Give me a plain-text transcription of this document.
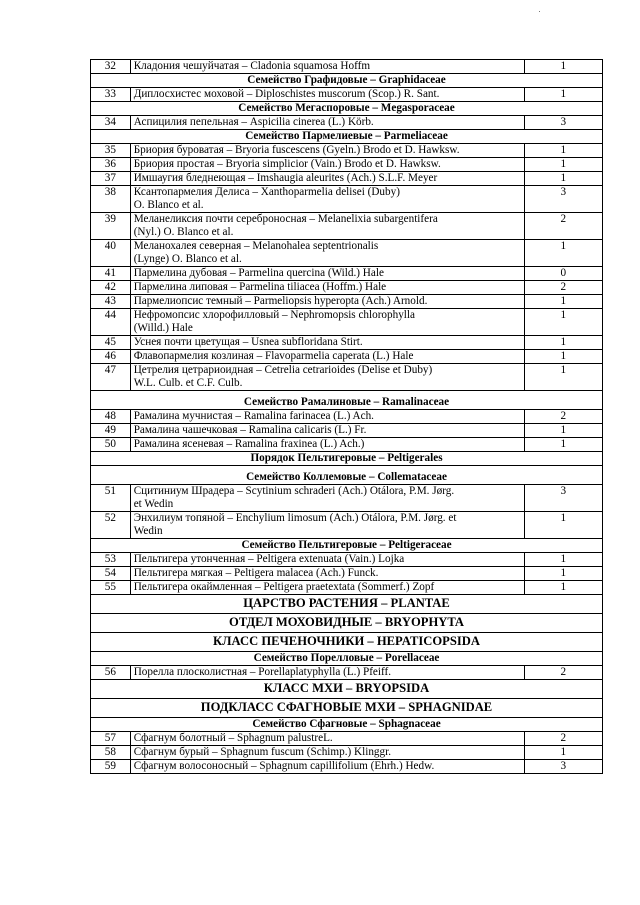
32	Кладония чешуйчатая – Cladonia squamosa Hoffm	1
Семейство Графидовые – Graphidaceae		
33	Диплосхистес моховой – Diploschistes muscorum (Scop.) R. Sant.	1
Семейство Мегаспоровые – Megasporaceae		
34	Аспицилия пепельная – Aspicilia cinerea (L.) Körb.	3
Семейство Пармелиевые – Parmeliaceae		
35	Бриория буроватая – Bryoria fuscescens (Gyeln.) Brodo et D. Hawksw.	1
36	Бриория простая – Bryoria simplicior (Vain.) Brodo et D. Hawksw.	1
37	Имшаугия бледнеющая – Imshaugia aleurites (Ach.) S.L.F. Meyer	1
38	Ксантопармелия Делиса – Xanthoparmelia delisei (Duby)
O. Blanco et al.	3
39	Меланеликсия почти сереброносная – Melanelixia subargentifera
(Nyl.) O. Blanco et al.	2
40	Меланохалея северная – Melanohalea septentrionalis
(Lynge) O. Blanco et al.	1
41	Пармелина дубовая – Parmelina quercina (Wild.) Hale	0
42	Пармелина липовая – Parmelina tiliacea (Hoffm.) Hale	2
43	Пармелиопсис темный – Parmeliopsis hyperopta (Ach.) Arnold.	1
44	Нефромопсис хлорофилловый – Nephromopsis chlorophylla
(Willd.) Hale	1
45	Уснея почти цветущая – Usnea subfloridana Stirt.	1
46	Флавопармелия козлиная – Flavoparmelia caperata (L.) Hale	1
47	Цетрелия цетрариоидная – Cetrelia cetrarioides (Delise et Duby)
W.L. Culb. et C.F. Culb.	1
Семейство Рамалиновые – Ramalinaceae		
48	Рамалина мучнистая – Ramalina farinacea (L.) Ach.	2
49	Рамалина чашечковая – Ramalina calicaris (L.) Fr.	1
50	Рамалина ясеневая – Ramalina fraxinea (L.) Ach.)	1
Порядок Пельтигеровые – Peltigerales		
Семейство Коллемовые – Collemataceae		
51	Сцитиниум Шрадера – Scytinium schraderi (Ach.) Otálora, P.M. Jørg.
et Wedin	3
52	Энхилиум топяной – Enchylium limosum (Ach.) Otálora, P.M. Jørg. et
Wedin	1
Семейство Пельтигеровые – Peltigeraceae		
53	Пельтигера утонченная – Peltigera extenuata (Vain.) Lojka	1
54	Пельтигера мягкая – Peltigera malacea (Ach.) Funck.	1
55	Пельтигера окаймленная – Peltigera praetextata (Sommerf.) Zopf	1
ЦАРСТВО РАСТЕНИЯ – PLANTAE		
ОТДЕЛ МОХОВИДНЫЕ – BRYOPHYTA		
КЛАСС ПЕЧЕНОЧНИКИ – HEPATICOPSIDA		
Семейство Порелловые – Porellaceae		
56	Порелла плосколистная – Porellaplatyphylla (L.) Pfeiff.	2
КЛАСС МХИ – BRYOPSIDA		
ПОДКЛАСС СФАГНОВЫЕ МХИ – SPHAGNIDAE		
Семейство Сфагновые – Sphagnaceae		
57	Сфагнум болотный – Sphagnum palustreL.	2
58	Сфагнум бурый – Sphagnum fuscum (Schimp.) Klinggr.	1
59	Сфагнум волосоносный – Sphagnum capillifolium (Ehrh.) Hedw.	3
